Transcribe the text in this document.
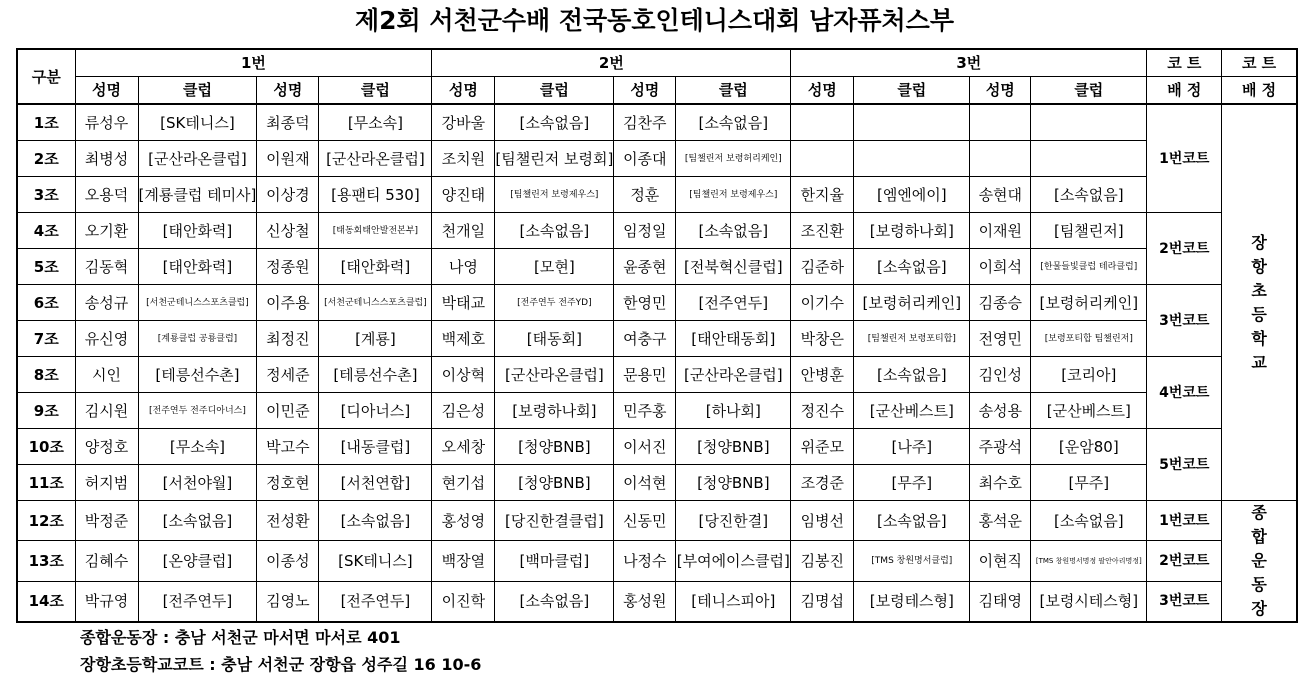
제2회 서천군수배 전국동호인테니스대회 남자퓨처스부
구분	1번				2번				3번				코 트	코 트
	성명	클럽	성명	클럽	성명	클럽	성명	클럽	성명	클럽	성명	클럽	배 정	배 정
1조	류성우	[SK테니스]	최종덕	[무소속]	강바울	[소속없음]	김찬주	[소속없음]					1번코트	장항초등학교
2조	최병성	[군산라온클럽]	이원재	[군산라온클럽]	조치원	[팀챌린저 보령회]	이종대	[팀챌린저 보령허리케인]						
3조	오용덕	[계룡클럽 테미사]	이상경	[용팬티 530]	양진태	[팀챌린저 보령제우스]	정훈	[팀챌린저 보령제우스]	한지율	[엠엔에이]	송현대	[소속없음]		
4조	오기환	[태안화력]	신상철	[태동회태안발전본부]	천개일	[소속없음]	임정일	[소속없음]	조진환	[보령하나회]	이재원	[팀챌린저]	2번코트	
5조	김동혁	[태안화력]	정종원	[태안화력]	나영	[모현]	윤종현	[전북혁신클럽]	김준하	[소속없음]	이희석	[한물들빛클럽 테라클럽]		
6조	송성규	[서천군테니스스포츠클럽]	이주용	[서천군테니스스포츠클럽]	박태교	[전주연두 전주YD]	한영민	[전주연두]	이기수	[보령허리케인]	김종승	[보령허리케인]	3번코트	
7조	유신영	[계룡클럽 공룡클럽]	최정진	[계룡]	백제호	[태동회]	여충구	[태안태동회]	박창은	[팀챌린저 보령포티합]	전영민	[보령포티합 팀챌린저]		
8조	시인	[테릉선수촌]	정세준	[테릉선수촌]	이상혁	[군산라온클럽]	문용민	[군산라온클럽]	안병훈	[소속없음]	김인성	[코리아]	4번코트	
9조	김시원	[전주연두 전주디아너스]	이민준	[디아너스]	김은성	[보령하나회]	민주홍	[하나회]	정진수	[군산베스트]	송성용	[군산베스트]		
10조	양정호	[무소속]	박고수	[내동클럽]	오세창	[청양BNB]	이서진	[청양BNB]	위준모	[나주]	주광석	[운암80]	5번코트	
11조	허지범	[서천야월]	정호현	[서천연합]	현기섭	[청양BNB]	이석현	[청양BNB]	조경준	[무주]	최수호	[무주]		
12조	박정준	[소속없음]	전성환	[소속없음]	홍성영	[당진한결클럽]	신동민	[당진한결]	임병선	[소속없음]	홍석운	[소속없음]	1번코트	종합운동장
13조	김혜수	[온양클럽]	이종성	[SK테니스]	백장열	[백마클럽]	나정수	[부여에이스클럽]	김봉진	[TMS 창원명서클럽]	이현직	[TMS 창원명서명정 팔안아리명정]	2번코트	
14조	박규영	[전주연두]	김영노	[전주연두]	이진학	[소속없음]	홍성원	[테니스피아]	김명섭	[보령테스형]	김태영	[보령시테스형]	3번코트	
종합운동장 : 충남 서천군 마서면 마서로 401
장항초등학교코트 : 충남 서천군 장항읍 성주길 16 10-6
